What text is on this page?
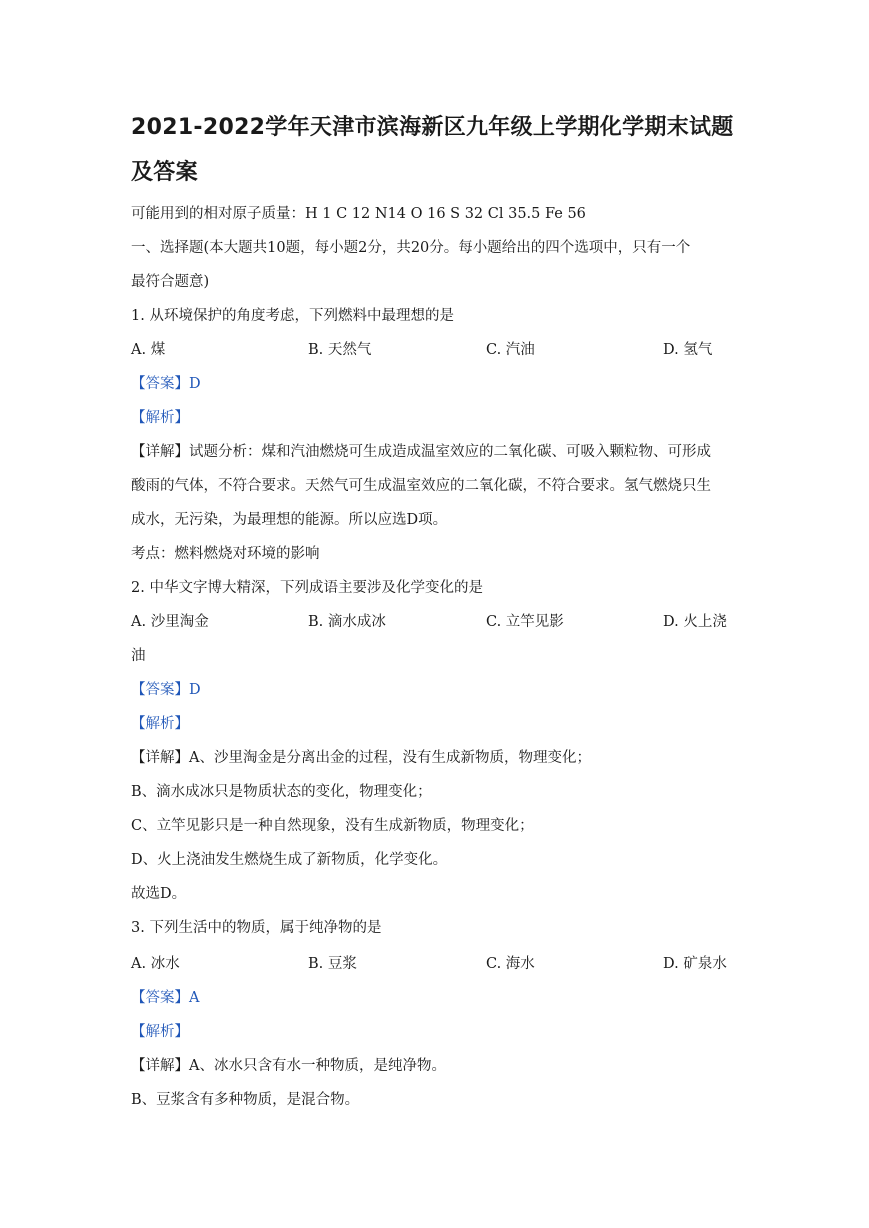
2021-2022学年天津市滨海新区九年级上学期化学期末试题
及答案
可能用到的相对原子质量：H 1 C 12 N14 O 16 S 32 Cl 35.5 Fe 56
一、选择题(本大题共10题，每小题2分，共20分。每小题给出的四个选项中，只有一个
最符合题意)
1. 从环境保护的角度考虑，下列燃料中最理想的是
A. 煤	B. 天然气	C. 汽油	D. 氢气
【答案】D
【解析】
【详解】试题分析：煤和汽油燃烧可生成造成温室效应的二氧化碳、可吸入颗粒物、可形成
酸雨的气体，不符合要求。天然气可生成温室效应的二氧化碳，不符合要求。氢气燃烧只生
成水，无污染，为最理想的能源。所以应选D项。
考点：燃料燃烧对环境的影响
2. 中华文字博大精深，下列成语主要涉及化学变化的是
A. 沙里淘金	B. 滴水成冰	C. 立竿见影	D. 火上浇
油
【答案】D
【解析】
【详解】A、沙里淘金是分离出金的过程，没有生成新物质，物理变化；
B、滴水成冰只是物质状态的变化，物理变化；
C、立竿见影只是一种自然现象，没有生成新物质，物理变化；
D、火上浇油发生燃烧生成了新物质，化学变化。
故选D。
3. 下列生活中的物质，属于纯净物的是
A. 冰水	B. 豆浆	C. 海水	D. 矿泉水
【答案】A
【解析】
【详解】A、冰水只含有水一种物质，是纯净物。
B、豆浆含有多种物质，是混合物。
